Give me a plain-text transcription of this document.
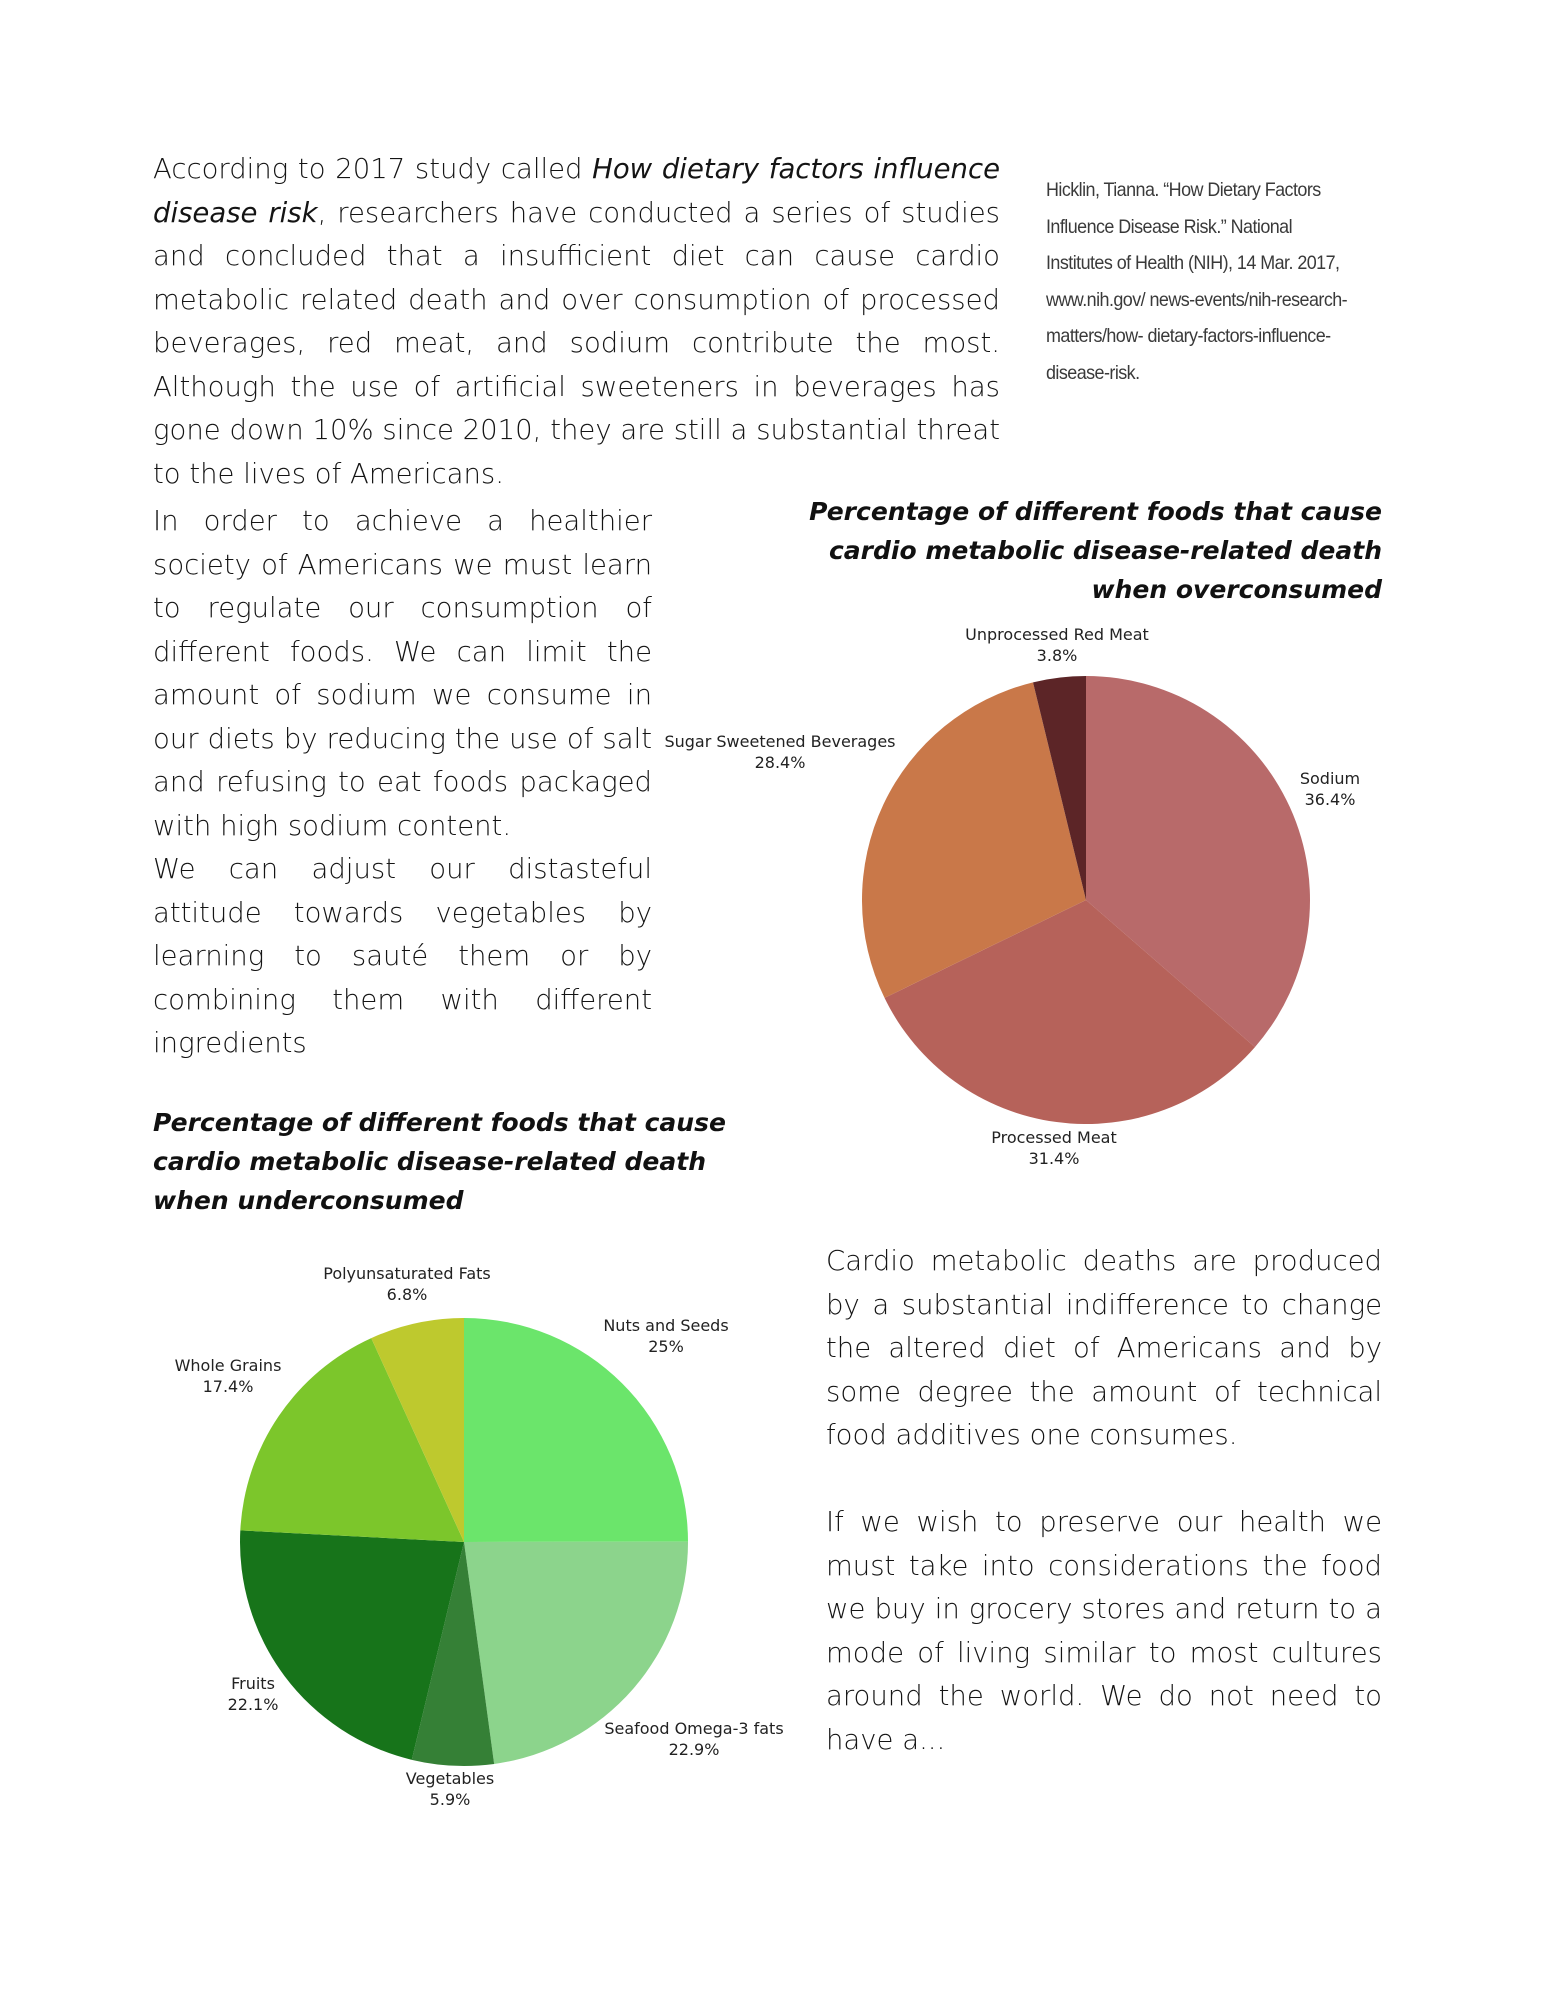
According to 2017 study called How dietary factors influence disease risk, researchers have conducted a series of studies and concluded that a insufficient diet can cause cardio metabolic related death and over consumption of processed beverages, red meat, and sodium contribute the most. Although the use of artificial sweeteners in beverages has gone down 10% since 2010, they are still a substantial threat to the lives of Americans.

Hicklin, Tianna. “How Dietary Factors Influence Disease Risk.” National Institutes of Health (NIH), 14 Mar. 2017, www.nih.gov/ news-events/nih-research-matters/how- dietary-factors-influence-disease-risk.

In order to achieve a healthier society of Americans we must learn to regulate our consumption of different foods. We can limit the amount of sodium we consume in our diets by reducing the use of salt and refusing to eat foods packaged with high sodium content.
We can adjust our distasteful attitude towards vegetables by learning to sauté them or by combining them with different ingredients
Percentage of different foods that cause cardio metabolic disease-related death when overconsumed
Percentage of different foods that cause cardio metabolic disease-related death when underconsumed
Sodium 36.4%
Processed Meat 31.4%
Sugar Sweetened Beverages 28.4%
Unprocessed Red Meat 3.8%
Nuts and Seeds 25%
Seafood Omega-3 fats 22.9%
Vegetables 5.9%
Fruits 22.1%
Whole Grains 17.4%
Polyunsaturated Fats 6.8%
Cardio metabolic deaths are produced by a substantial indifference to change the altered diet of Americans and by some degree the amount of technical food additives one consumes.
If we wish to preserve our health we must take into considerations the food we buy in grocery stores and return to a mode of living similar to most cultures around the world. We do not need to have a...
